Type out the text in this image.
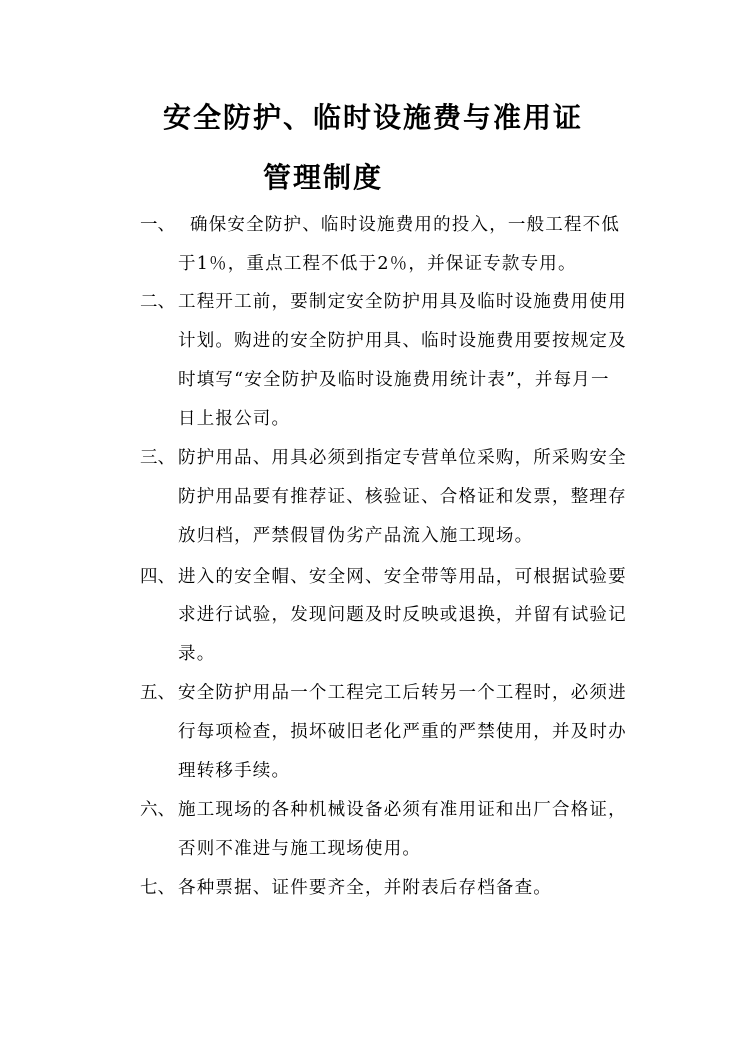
安全防护、临时设施费与准用证
管理制度
一、 确保安全防护、临时设施费用的投入，一般工程不低
于1％，重点工程不低于2％，并保证专款专用。
二、 工程开工前，要制定安全防护用具及临时设施费用使用
计划。购进的安全防护用具、临时设施费用要按规定及
时填写“安全防护及临时设施费用统计表”，并每月一
日上报公司。
三、 防护用品、用具必须到指定专营单位采购，所采购安全
防护用品要有推荐证、核验证、合格证和发票，整理存
放归档，严禁假冒伪劣产品流入施工现场。
四、 进入的安全帽、安全网、安全带等用品，可根据试验要
求进行试验，发现问题及时反映或退换，并留有试验记
录。
五、 安全防护用品一个工程完工后转另一个工程时，必须进
行每项检查，损坏破旧老化严重的严禁使用，并及时办
理转移手续。
六、 施工现场的各种机械设备必须有准用证和出厂合格证，
否则不准进与施工现场使用。
七、 各种票据、证件要齐全，并附表后存档备查。
